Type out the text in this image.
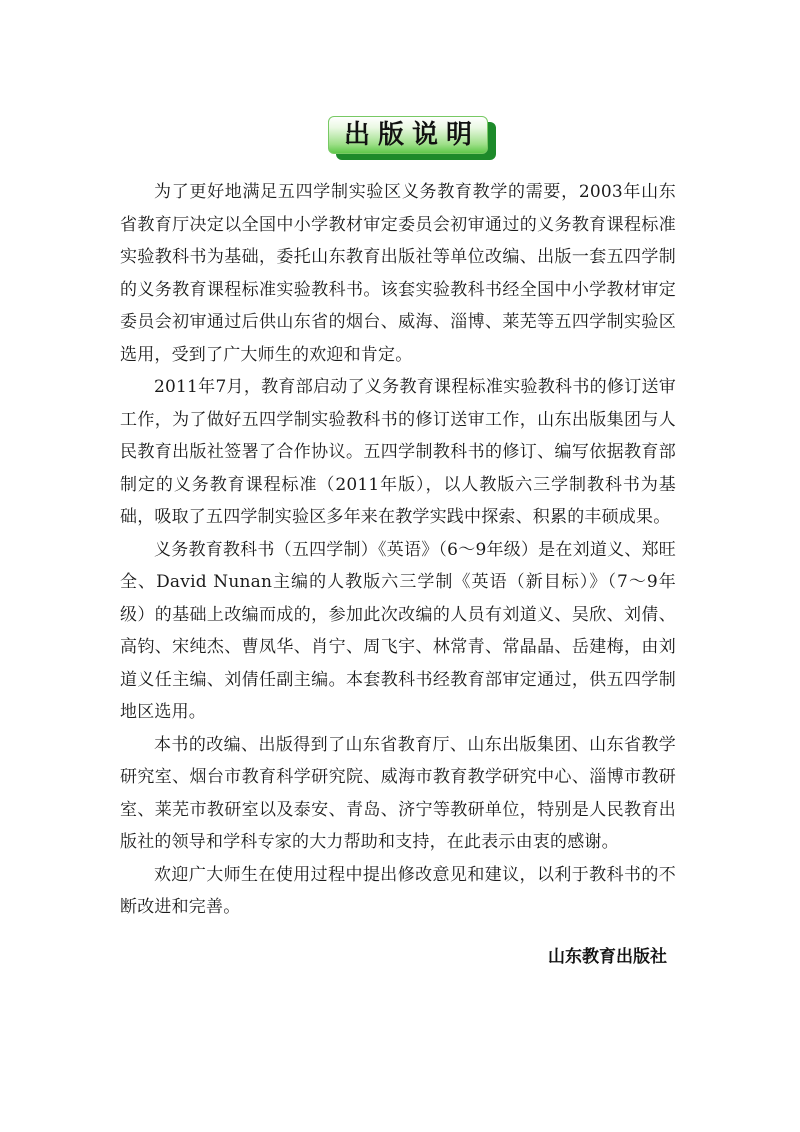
出版说明

为了更好地满足五四学制实验区义务教育教学的需要，2003年山东省教育厅决定以全国中小学教材审定委员会初审通过的义务教育课程标准实验教科书为基础，委托山东教育出版社等单位改编、出版一套五四学制的义务教育课程标准实验教科书。该套实验教科书经全国中小学教材审定委员会初审通过后供山东省的烟台、威海、淄博、莱芜等五四学制实验区选用，受到了广大师生的欢迎和肯定。

2011年7月，教育部启动了义务教育课程标准实验教科书的修订送审工作，为了做好五四学制实验教科书的修订送审工作，山东出版集团与人民教育出版社签署了合作协议。五四学制教科书的修订、编写依据教育部制定的义务教育课程标准（2011年版），以人教版六三学制教科书为基础，吸取了五四学制实验区多年来在教学实践中探索、积累的丰硕成果。

义务教育教科书（五四学制）《英语》（6～9年级）是在刘道义、郑旺全、David Nunan主编的人教版六三学制《英语（新目标）》（7～9年级）的基础上改编而成的，参加此次改编的人员有刘道义、吴欣、刘倩、高钧、宋纯杰、曹凤华、肖宁、周飞宇、林常青、常晶晶、岳建梅，由刘道义任主编、刘倩任副主编。本套教科书经教育部审定通过，供五四学制地区选用。

本书的改编、出版得到了山东省教育厅、山东出版集团、山东省教学研究室、烟台市教育科学研究院、威海市教育教学研究中心、淄博市教研室、莱芜市教研室以及泰安、青岛、济宁等教研单位，特别是人民教育出版社的领导和学科专家的大力帮助和支持，在此表示由衷的感谢。

欢迎广大师生在使用过程中提出修改意见和建议，以利于教科书的不断改进和完善。

山东教育出版社
